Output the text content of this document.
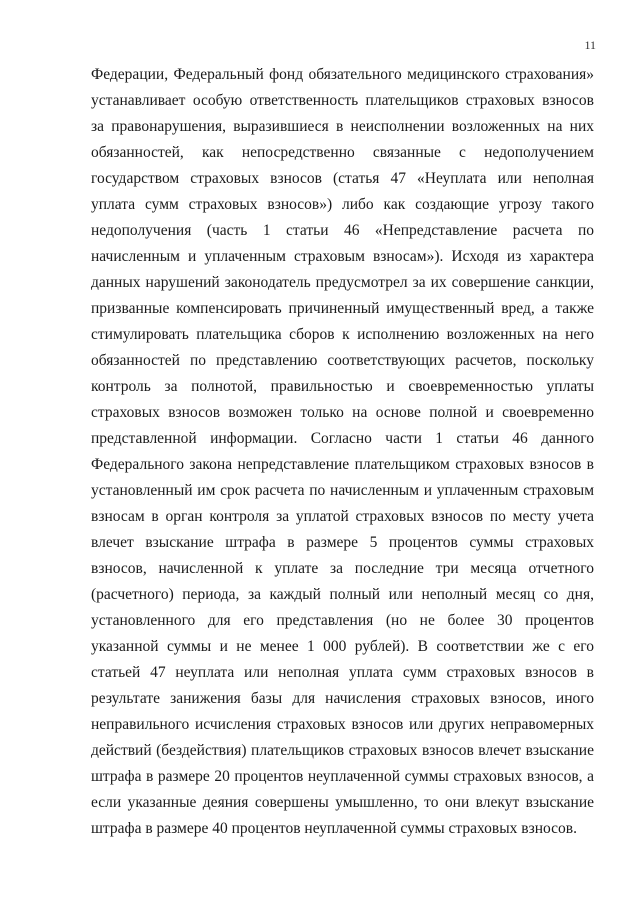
11
Федерации, Федеральный фонд обязательного медицинского страхования»
устанавливает особую ответственность плательщиков страховых взносов
за правонарушения, выразившиеся в неисполнении возложенных на них
обязанностей, как непосредственно связанные с недополучением
государством страховых взносов (статья 47 «Неуплата или неполная
уплата сумм страховых взносов») либо как создающие угрозу такого
недополучения (часть 1 статьи 46 «Непредставление расчета по
начисленным и уплаченным страховым взносам»). Исходя из характера
данных нарушений законодатель предусмотрел за их совершение санкции,
призванные компенсировать причиненный имущественный вред, а также
стимулировать плательщика сборов к исполнению возложенных на него
обязанностей по представлению соответствующих расчетов, поскольку
контроль за полнотой, правильностью и своевременностью уплаты
страховых взносов возможен только на основе полной и своевременно
представленной информации. Согласно части 1 статьи 46 данного
Федерального закона непредставление плательщиком страховых взносов в
установленный им срок расчета по начисленным и уплаченным страховым
взносам в орган контроля за уплатой страховых взносов по месту учета
влечет взыскание штрафа в размере 5 процентов суммы страховых
взносов, начисленной к уплате за последние три месяца отчетного
(расчетного) периода, за каждый полный или неполный месяц со дня,
установленного для его представления (но не более 30 процентов
указанной суммы и не менее 1 000 рублей). В соответствии же с его
статьей 47 неуплата или неполная уплата сумм страховых взносов в
результате занижения базы для начисления страховых взносов, иного
неправильного исчисления страховых взносов или других неправомерных
действий (бездействия) плательщиков страховых взносов влечет взыскание
штрафа в размере 20 процентов неуплаченной суммы страховых взносов, а
если указанные деяния совершены умышленно, то они влекут взыскание
штрафа в размере 40 процентов неуплаченной суммы страховых взносов.
